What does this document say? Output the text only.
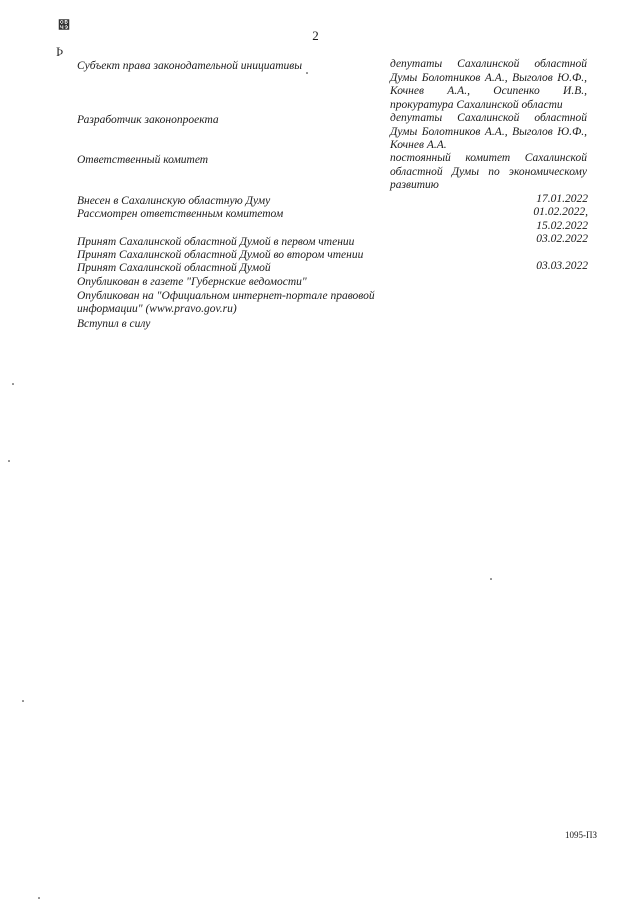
୉
Þ
2
Субъект права законодательной инициативы	депутаты Сахалинской областной
Думы Болотников А.А., Выголов Ю.Ф.,
Кочнев А.А., Осипенко И.В.,
прокуратура Сахалинской области
Разработчик законопроекта	депутаты Сахалинской областной
Думы Болотников А.А., Выголов Ю.Ф.,
Кочнев А.А.
Ответственный комитет	постоянный комитет Сахалинской
областной Думы по экономическому
развитию
Внесен в Сахалинскую областную Думу	17.01.2022
Рассмотрен ответственным комитетом	01.02.2022,
15.02.2022
Принят Сахалинской областной Думой в первом чтении	03.02.2022
Принят Сахалинской областной Думой во втором чтении
Принят Сахалинской областной Думой	03.03.2022
Опубликован в газете "Губернские ведомости"
Опубликован на "Официальном интернет-портале правовой
информации" (www.pravo.gov.ru)
Вступил в силу
1095-ПЗ
